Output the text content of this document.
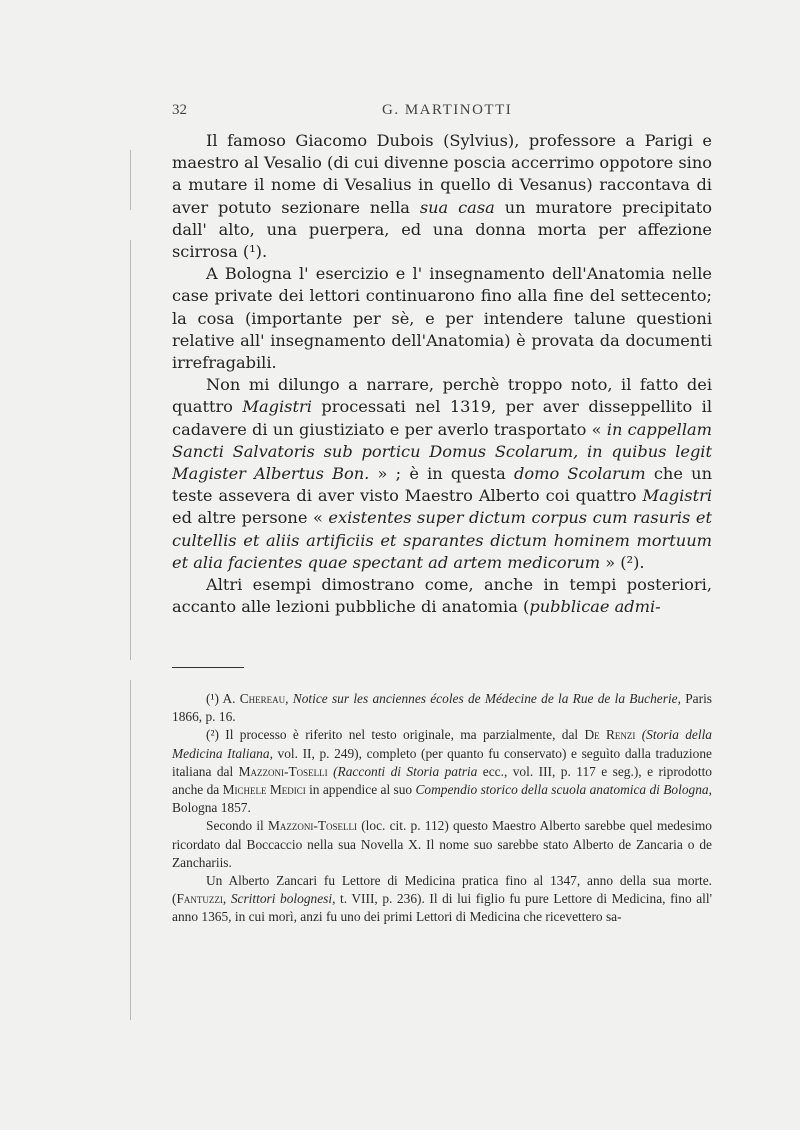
32	G. MARTINOTTI

Il famoso Giacomo Dubois (Sylvius), professore a Parigi e maestro al Vesalio (di cui divenne poscia accerrimo oppotore sino a mutare il nome di Vesalius in quello di Vesanus) raccontava di aver potuto sezionare nella sua casa un muratore precipitato dall' alto, una puerpera, ed una donna morta per affezione scirrosa (¹).

A Bologna l' esercizio e l' insegnamento dell'Anatomia nelle case private dei lettori continuarono fino alla fine del settecento; la cosa (importante per sè, e per intendere talune questioni relative all' insegnamento dell'Anatomia) è provata da documenti irrefragabili.

Non mi dilungo a narrare, perchè troppo noto, il fatto dei quattro Magistri processati nel 1319, per aver disseppellito il cadavere di un giustiziato e per averlo trasportato « in cappellam Sancti Salvatoris sub porticu Domus Scolarum, in quibus legit Magister Albertus Bon. » ; è in questa domo Scolarum che un teste assevera di aver visto Maestro Alberto coi quattro Magistri ed altre persone « existentes super dictum corpus cum rasuris et cultellis et aliis artificiis et sparantes dictum hominem mortuum et alia facientes quae spectant ad artem medicorum » (²).

Altri esempi dimostrano come, anche in tempi posteriori, accanto alle lezioni pubbliche di anatomia (pubblicae admi-

(¹) A. Chereau, Notice sur les anciennes écoles de Médecine de la Rue de la Bucherie, Paris 1866, p. 16.

(²) Il processo è riferito nel testo originale, ma parzialmente, dal De Renzi (Storia della Medicina Italiana, vol. II, p. 249), completo (per quanto fu conservato) e seguìto dalla traduzione italiana dal Mazzoni-Toselli (Racconti di Storia patria ecc., vol. III, p. 117 e seg.), e riprodotto anche da Michele Medici in appendice al suo Compendio storico della scuola anatomica di Bologna, Bologna 1857.

Secondo il Mazzoni-Toselli (loc. cit. p. 112) questo Maestro Alberto sarebbe quel medesimo ricordato dal Boccaccio nella sua Novella X. Il nome suo sarebbe stato Alberto de Zancaria o de Zanchariis.

Un Alberto Zancari fu Lettore di Medicina pratica fino al 1347, anno della sua morte. (Fantuzzi, Scrittori bolognesi, t. VIII, p. 236). Il di lui figlio fu pure Lettore di Medicina, fino all' anno 1365, in cui morì, anzi fu uno dei primi Lettori di Medicina che ricevettero sa-
